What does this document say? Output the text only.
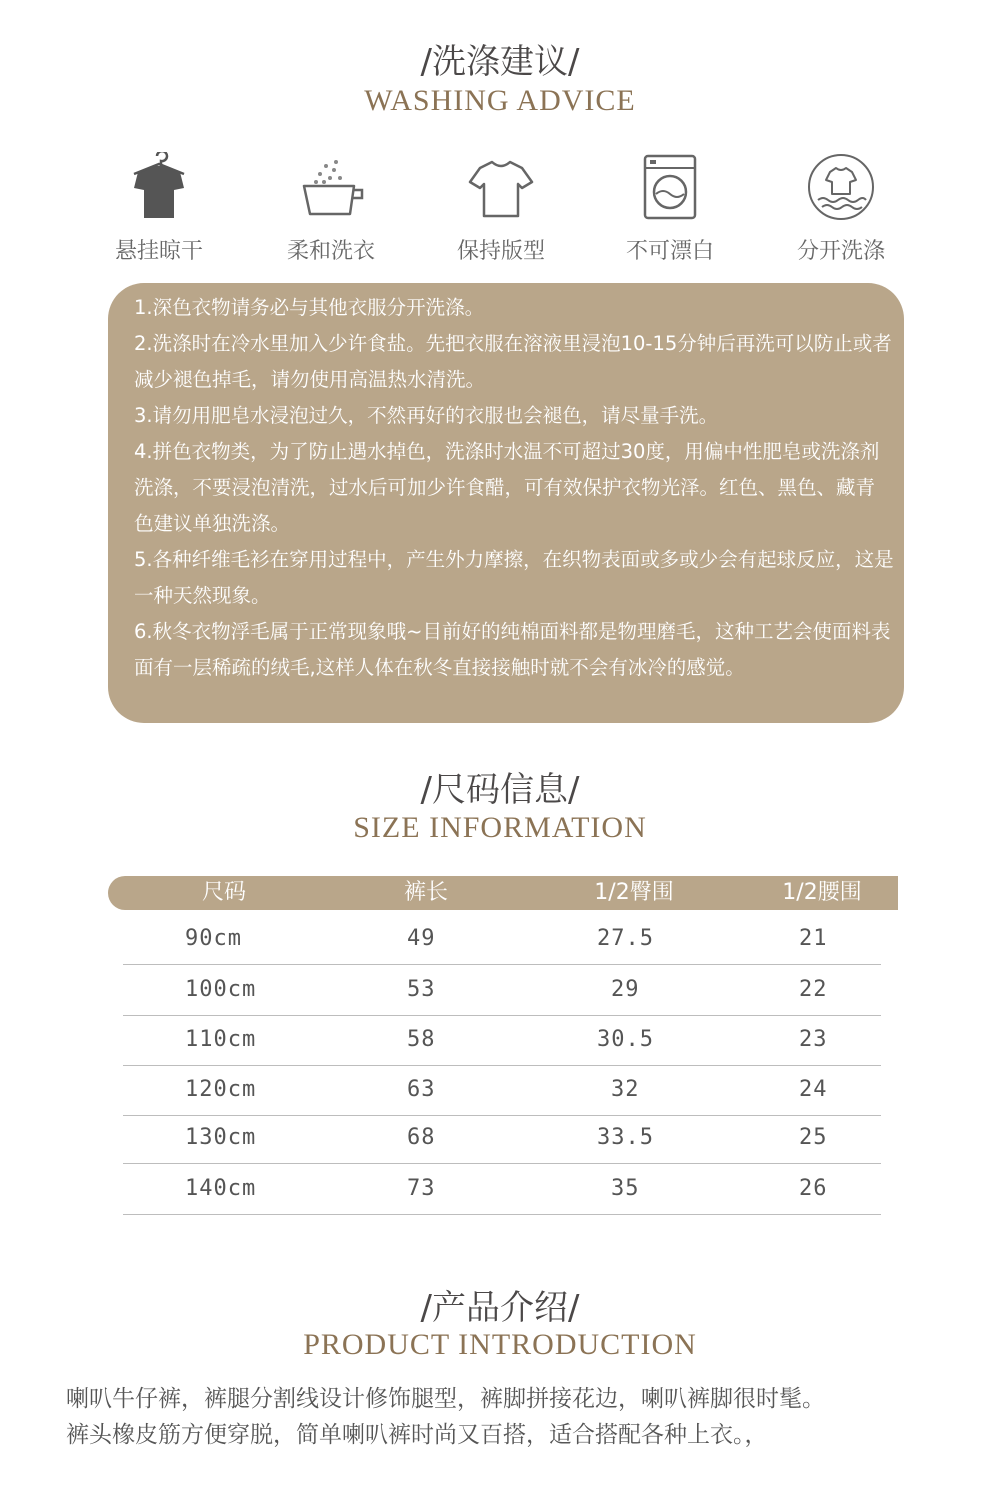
/洗涤建议/
WASHING ADVICE
悬挂晾干	柔和洗衣	保持版型	不可漂白	分开洗涤

1.深色衣物请务必与其他衣服分开洗涤。

2.洗涤时在冷水里加入少许食盐。先把衣服在溶液里浸泡10-15分钟后再洗可以防止或者减少褪色掉毛，请勿使用高温热水清洗。

3.请勿用肥皂水浸泡过久，不然再好的衣服也会褪色，请尽量手洗。

4.拼色衣物类，为了防止遇水掉色，洗涤时水温不可超过30度，用偏中性肥皂或洗涤剂洗涤，不要浸泡清洗，过水后可加少许食醋，可有效保护衣物光泽。红色、黑色、藏青色建议单独洗涤。

5.各种纤维毛衫在穿用过程中，产生外力摩擦，在织物表面或多或少会有起球反应，这是一种天然现象。

6.秋冬衣物浮毛属于正常现象哦~目前好的纯棉面料都是物理磨毛，这种工艺会使面料表面有一层稀疏的绒毛,这样人体在秋冬直接接触时就不会有冰冷的感觉。

/尺码信息/
SIZE INFORMATION
尺码	裤长	1/2臀围	1/2腰围
90cm	49	27.5	21
100cm	53	29	22
110cm	58	30.5	23
120cm	63	32	24
130cm	68	33.5	25
140cm	73	35	26
/产品介绍/
PRODUCT INTRODUCTION

喇叭牛仔裤，裤腿分割线设计修饰腿型，裤脚拼接花边，喇叭裤脚很时髦。

裤头橡皮筋方便穿脱，简单喇叭裤时尚又百搭，适合搭配各种上衣。，
